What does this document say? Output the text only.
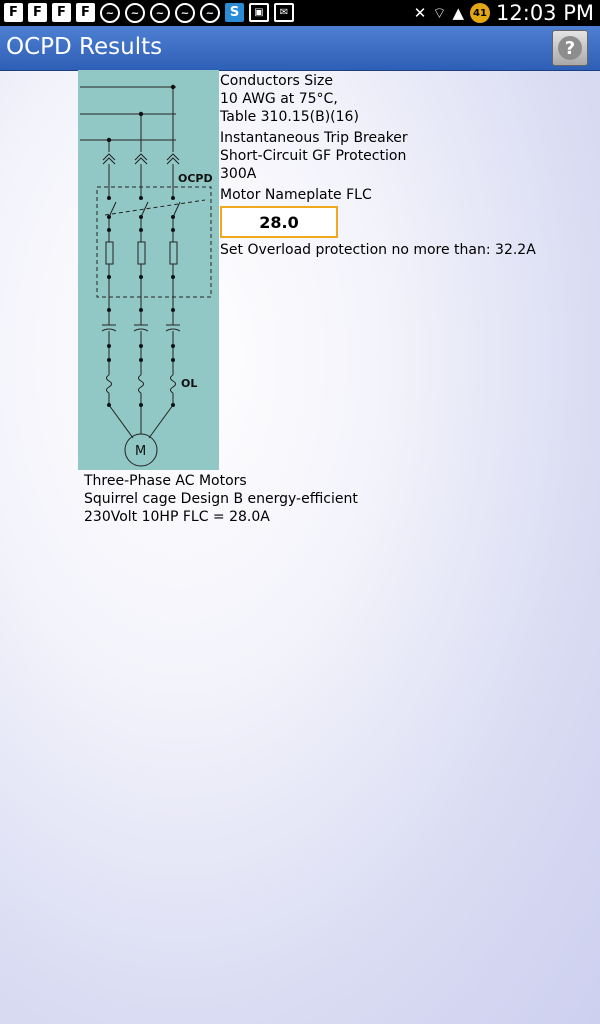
F	F	F	F	~	~	~	~	~	S	▣	✉	✕ ⌔ ▲ 41 12:03 PM
OCPD Results	?
OCPD
OL
M
Conductors Size
10 AWG at 75°C,
Table 310.15(B)(16)
Instantaneous Trip Breaker
Short-Circuit GF Protection
300A
Motor Nameplate FLC
28.0
Set Overload protection no more than: 32.2A
Three-Phase AC Motors
Squirrel cage Design B energy-efficient
230Volt 10HP FLC = 28.0A
